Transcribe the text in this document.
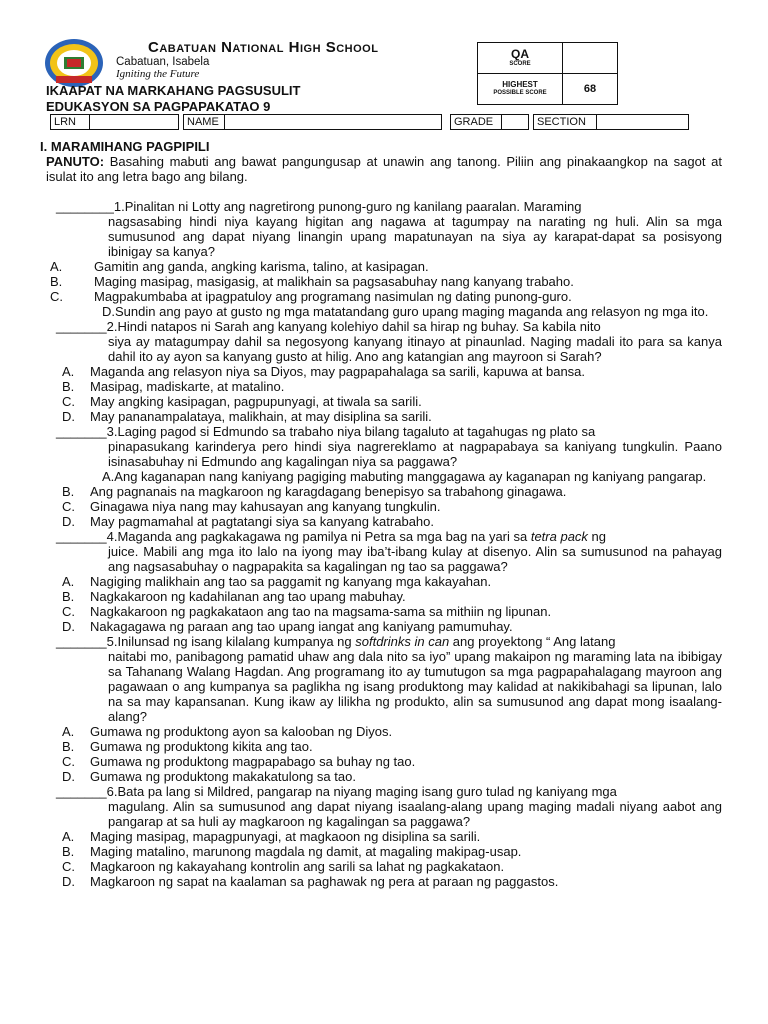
Cabatuan National High School
Cabatuan, Isabela
Igniting the Future
IKAAPAT NA MARKAHANG PAGSUSULIT
EDUKASYON SA PAGPAPAKATAO 9
QA
SCORE	

HIGHEST
POSSIBLE SCORE	68
LRN	NAME	GRADE	SECTION
I. MARAMIHANG PAGPIPILI
PANUTO: Basahing mabuti ang bawat pangungusap at unawin ang tanong. Piliin ang pinakaangkop na sagot at isulat ito ang letra bago ang bilang.
________1. Pinalitan ni Lotty ang nagretirong punong-guro ng kanilang paaralan. Maraming
nagsasabing hindi niya kayang higitan ang nagawa at tagumpay na narating ng huli. Alin sa mga sumusunod ang dapat niyang linangin upang mapatunayan na siya ay karapat-dapat sa posisyong ibinigay sa kanya?
A.	Gamitin ang ganda, angking karisma, talino, at kasipagan.
B.	Maging masipag, masigasig, at malikhain sa pagsasabuhay nang kanyang trabaho.
C.	Magpakumbaba at ipagpatuloy ang programang nasimulan ng dating punong-guro.
D.Sundin ang payo at gusto ng mga matatandang guro upang maging maganda ang relasyon ng mga ito.
_______2. Hindi natapos ni Sarah ang kanyang kolehiyo dahil sa hirap ng buhay. Sa kabila nito
siya ay matagumpay dahil sa negosyong kanyang itinayo at pinaunlad. Naging madali ito para sa kanya dahil ito ay ayon sa kanyang gusto at hilig. Ano ang katangian ang mayroon si Sarah?
A.	Maganda ang relasyon niya sa Diyos, may pagpapahalaga sa sarili, kapuwa at bansa.
B.	Masipag, madiskarte, at matalino.
C.	May angking kasipagan, pagpupunyagi, at tiwala sa sarili.
D.	May pananampalataya, malikhain, at may disiplina sa sarili.
_______3. Laging pagod si Edmundo sa trabaho niya bilang tagaluto at tagahugas ng plato sa
pinapasukang karinderya pero hindi siya nagrereklamo at nagpapabaya sa kaniyang tungkulin. Paano isinasabuhay ni Edmundo ang kagalingan niya sa paggawa?
A.Ang kaganapan nang kaniyang pagiging mabuting manggagawa ay kaganapan ng kaniyang pangarap.
B.	Ang pagnanais na magkaroon ng karagdagang benepisyo sa trabahong ginagawa.
C.	Ginagawa niya nang may kahusayan ang kanyang tungkulin.
D.	May pagmamahal at pagtatangi siya sa kanyang katrabaho.
_______4. Maganda ang pagkakagawa ng pamilya ni Petra sa mga bag na yari sa tetra pack ng
juice. Mabili ang mga ito lalo na iyong may iba’t-ibang kulay at disenyo. Alin sa sumusunod na pahayag ang nagsasabuhay o nagpapakita sa kagalingan ng tao sa paggawa?
A.	Nagiging malikhain ang tao sa paggamit ng kanyang mga kakayahan.
B.	Nagkakaroon ng kadahilanan ang tao upang mabuhay.
C.	Nagkakaroon ng pagkakataon ang tao na magsama-sama sa mithiin ng lipunan.
D.	Nakagagawa ng paraan ang tao upang iangat ang kaniyang pamumuhay.
_______5. Inilunsad ng isang kilalang kumpanya ng softdrinks in can ang proyektong “ Ang latang
naitabi mo, panibagong pamatid uhaw ang dala nito sa iyo” upang makaipon ng maraming lata na ibibigay sa Tahanang Walang Hagdan. Ang programang ito ay tumutugon sa mga pagpapahalagang mayroon ang pagawaan o ang kumpanya sa paglikha ng isang produktong may kalidad at nakikibahagi sa lipunan, lalo na sa may kapansanan. Kung ikaw ay lilikha ng produkto, alin sa sumusunod ang dapat mong isaalang-alang?
A.	Gumawa ng produktong ayon sa kalooban ng Diyos.
B.	Gumawa ng produktong kikita ang tao.
C.	Gumawa ng produktong magpapabago sa buhay ng tao.
D.	Gumawa ng produktong makakatulong sa tao.
_______6. Bata pa lang si Mildred, pangarap na niyang maging isang guro tulad ng kaniyang mga
magulang. Alin sa sumusunod ang dapat niyang isaalang-alang upang maging madali niyang aabot ang pangarap at sa huli ay magkaroon ng kagalingan sa paggawa?
A.	Maging masipag, mapagpunyagi, at magkaoon ng disiplina sa sarili.
B.	Maging matalino, marunong magdala ng damit, at magaling makipag-usap.
C.	Magkaroon ng kakayahang kontrolin ang sarili sa lahat ng pagkakataon.
D.	Magkaroon ng sapat na kaalaman sa paghawak ng pera at paraan ng paggastos.
